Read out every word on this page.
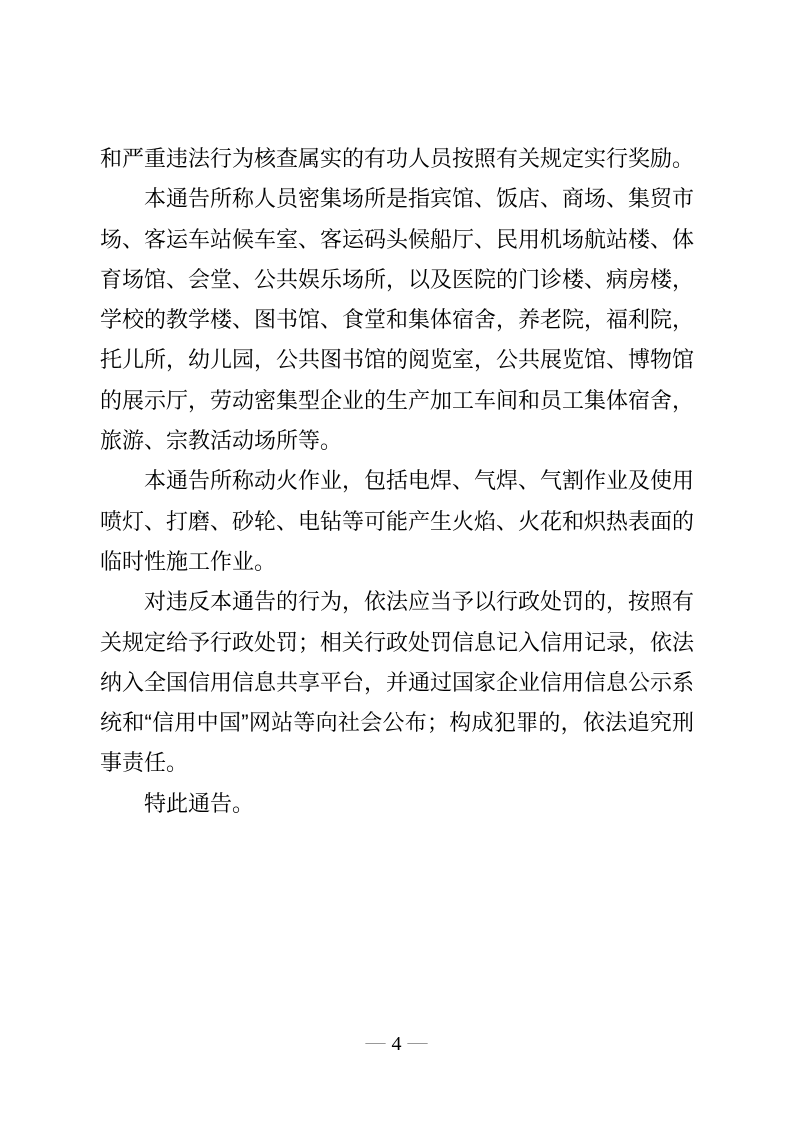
和严重违法行为核查属实的有功人员按照有关规定实行奖励。

本通告所称人员密集场所是指宾馆、饭店、商场、集贸市场、客运车站候车室、客运码头候船厅、民用机场航站楼、体育场馆、会堂、公共娱乐场所，以及医院的门诊楼、病房楼，学校的教学楼、图书馆、食堂和集体宿舍，养老院，福利院，托儿所，幼儿园，公共图书馆的阅览室，公共展览馆、博物馆的展示厅，劳动密集型企业的生产加工车间和员工集体宿舍，旅游、宗教活动场所等。

本通告所称动火作业，包括电焊、气焊、气割作业及使用喷灯、打磨、砂轮、电钻等可能产生火焰、火花和炽热表面的临时性施工作业。

对违反本通告的行为，依法应当予以行政处罚的，按照有关规定给予行政处罚；相关行政处罚信息记入信用记录，依法纳入全国信用信息共享平台，并通过国家企业信用信息公示系统和“信用中国”网站等向社会公布；构成犯罪的，依法追究刑事责任。

特此通告。

— 4 —
